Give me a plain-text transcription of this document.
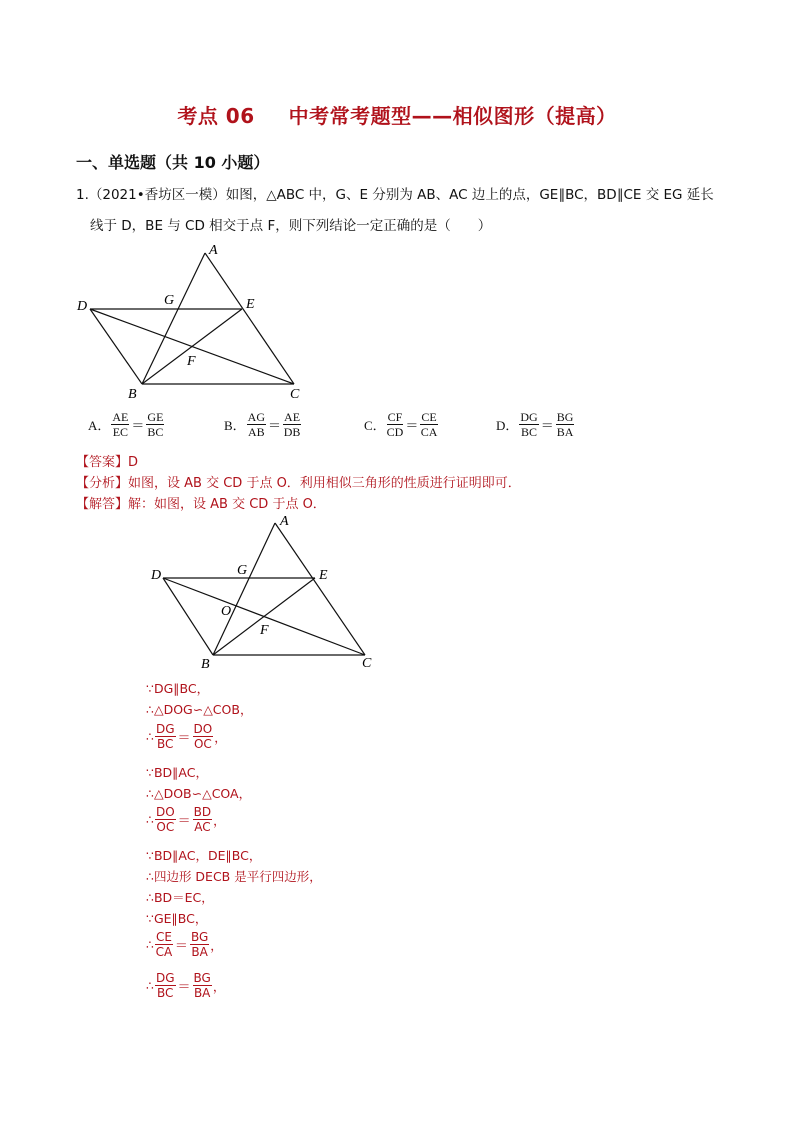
考点 06 中考常考题型——相似图形（提高）
一、单选题（共 10 小题）
1.（2021•香坊区一模）如图，△ABC 中，G、E 分别为 AB、AC 边上的点，GE∥BC，BD∥CE 交 EG 延长
线于 D，BE 与 CD 相交于点 F，则下列结论一定正确的是（　　）
A
D	G	E
F
B	C
A． $\frac{AE}{EC} = \frac{GE}{BC}$	B． $\frac{AG}{AB} = \frac{AE}{DB}$	C． $\frac{CF}{CD} = \frac{CE}{CA}$	D． $\frac{DG}{BC} = \frac{BG}{BA}$
【答案】D
【分析】如图，设 AB 交 CD 于点 O．利用相似三角形的性质进行证明即可．
【解答】解：如图，设 AB 交 CD 于点 O．
A
D	G	E
O
F
B	C
∵DG∥BC，
∴△DOG∽△COB，
∴ $\frac{DG}{BC} = \frac{DO}{OC}$ ，
∵BD∥AC，
∴△DOB∽△COA，
∴ $\frac{DO}{OC} = \frac{BD}{AC}$ ，
∵BD∥AC，DE∥BC，
∴四边形 DECB 是平行四边形，
∴BD＝EC，
∵GE∥BC，
∴ $\frac{CE}{CA} = \frac{BG}{BA}$ ，
∴ $\frac{DG}{BC} = \frac{BG}{BA}$ ，
